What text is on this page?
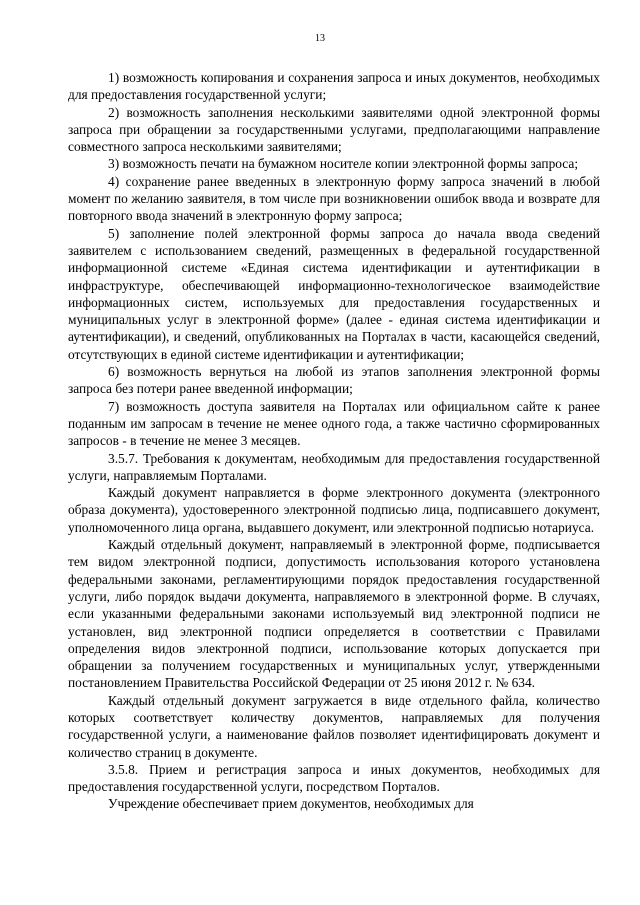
13

1) возможность копирования и сохранения запроса и иных документов, необходимых для предоставления государственной услуги;

2) возможность заполнения несколькими заявителями одной электронной формы запроса при обращении за государственными услугами, предполагающими направление совместного запроса несколькими заявителями;

3) возможность печати на бумажном носителе копии электронной формы запроса;

4) сохранение ранее введенных в электронную форму запроса значений в любой момент по желанию заявителя, в том числе при возникновении ошибок ввода и возврате для повторного ввода значений в электронную форму запроса;

5) заполнение полей электронной формы запроса до начала ввода сведений заявителем с использованием сведений, размещенных в федеральной государственной информационной системе «Единая система идентификации и аутентификации в инфраструктуре, обеспечивающей информационно-технологическое взаимодействие информационных систем, используемых для предоставления государственных и муниципальных услуг в электронной форме» (далее - единая система идентификации и аутентификации), и сведений, опубликованных на Порталах в части, касающейся сведений, отсутствующих в единой системе идентификации и аутентификации;

6) возможность вернуться на любой из этапов заполнения электронной формы запроса без потери ранее введенной информации;

7) возможность доступа заявителя на Порталах или официальном сайте к ранее поданным им запросам в течение не менее одного года, а также частично сформированных запросов - в течение не менее 3 месяцев.

3.5.7. Требования к документам, необходимым для предоставления государственной услуги, направляемым Порталами.

Каждый документ направляется в форме электронного документа (электронного образа документа), удостоверенного электронной подписью лица, подписавшего документ, уполномоченного лица органа, выдавшего документ, или электронной подписью нотариуса.

Каждый отдельный документ, направляемый в электронной форме, подписывается тем видом электронной подписи, допустимость использования которого установлена федеральными законами, регламентирующими порядок предоставления государственной услуги, либо порядок выдачи документа, направляемого в электронной форме. В случаях, если указанными федеральными законами используемый вид электронной подписи не установлен, вид электронной подписи определяется в соответствии с Правилами определения видов электронной подписи, использование которых допускается при обращении за получением государственных и муниципальных услуг, утвержденными постановлением Правительства Российской Федерации от 25 июня 2012 г. № 634.

Каждый отдельный документ загружается в виде отдельного файла, количество которых соответствует количеству документов, направляемых для получения государственной услуги, а наименование файлов позволяет идентифицировать документ и количество страниц в документе.

3.5.8. Прием и регистрация запроса и иных документов, необходимых для предоставления государственной услуги, посредством Порталов.

Учреждение обеспечивает прием документов, необходимых для
